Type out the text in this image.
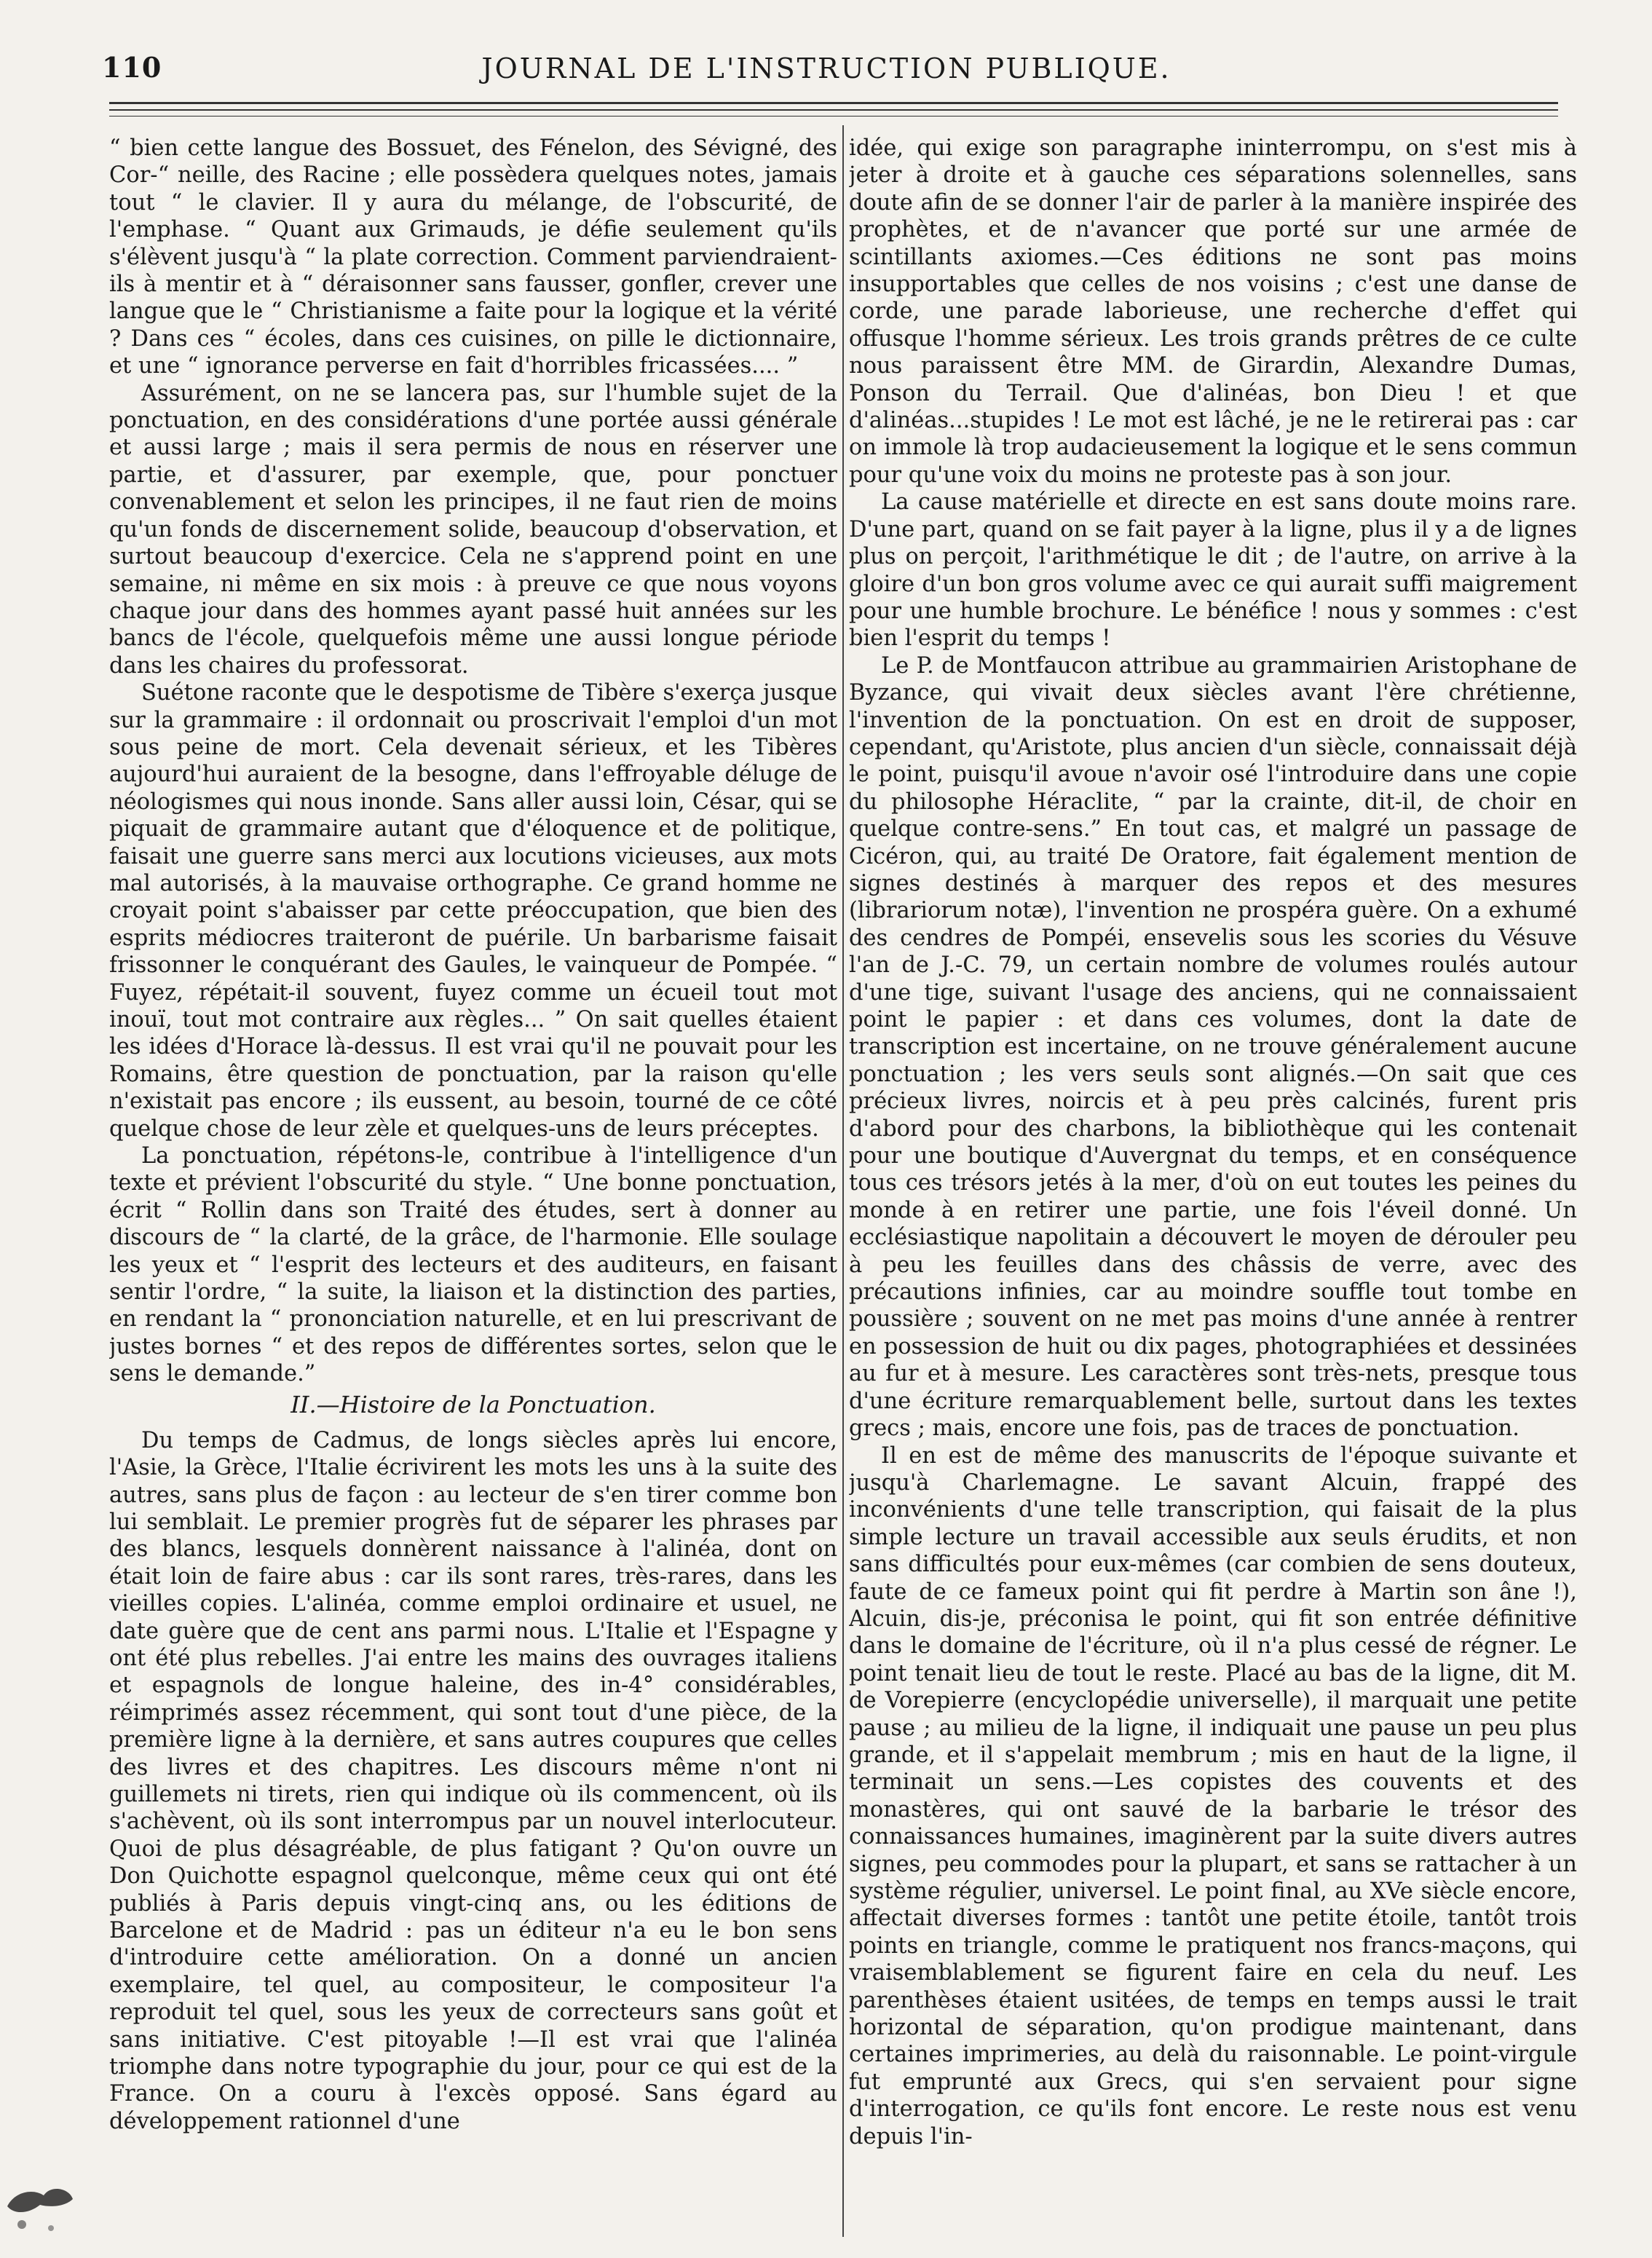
110	JOURNAL DE L'INSTRUCTION PUBLIQUE.

“ bien cette langue des Bossuet, des Fénelon, des Sévigné, des Cor-“ neille, des Racine ; elle possèdera quelques notes, jamais tout “ le clavier. Il y aura du mélange, de l'obscurité, de l'emphase. “ Quant aux Grimauds, je défie seulement qu'ils s'élèvent jusqu'à “ la plate correction. Comment parviendraient-ils à mentir et à “ déraisonner sans fausser, gonfler, crever une langue que le “ Christianisme a faite pour la logique et la vérité ? Dans ces “ écoles, dans ces cuisines, on pille le dictionnaire, et une “ ignorance perverse en fait d'horribles fricassées.... ”

Assurément, on ne se lancera pas, sur l'humble sujet de la ponctuation, en des considérations d'une portée aussi générale et aussi large ; mais il sera permis de nous en réserver une partie, et d'assurer, par exemple, que, pour ponctuer convenablement et selon les principes, il ne faut rien de moins qu'un fonds de discernement solide, beaucoup d'observation, et surtout beaucoup d'exercice. Cela ne s'apprend point en une semaine, ni même en six mois : à preuve ce que nous voyons chaque jour dans des hommes ayant passé huit années sur les bancs de l'école, quelquefois même une aussi longue période dans les chaires du professorat.

Suétone raconte que le despotisme de Tibère s'exerça jusque sur la grammaire : il ordonnait ou proscrivait l'emploi d'un mot sous peine de mort. Cela devenait sérieux, et les Tibères aujourd'hui auraient de la besogne, dans l'effroyable déluge de néologismes qui nous inonde. Sans aller aussi loin, César, qui se piquait de grammaire autant que d'éloquence et de politique, faisait une guerre sans merci aux locutions vicieuses, aux mots mal autorisés, à la mauvaise orthographe. Ce grand homme ne croyait point s'abaisser par cette préoccupation, que bien des esprits médiocres traiteront de puérile. Un barbarisme faisait frissonner le conquérant des Gaules, le vainqueur de Pompée. “ Fuyez, répétait-il souvent, fuyez comme un écueil tout mot inouï, tout mot contraire aux règles... ” On sait quelles étaient les idées d'Horace là-dessus. Il est vrai qu'il ne pouvait pour les Romains, être question de ponctuation, par la raison qu'elle n'existait pas encore ; ils eussent, au besoin, tourné de ce côté quelque chose de leur zèle et quelques-uns de leurs préceptes.

La ponctuation, répétons-le, contribue à l'intelligence d'un texte et prévient l'obscurité du style. “ Une bonne ponctuation, écrit “ Rollin dans son Traité des études, sert à donner au discours de “ la clarté, de la grâce, de l'harmonie. Elle soulage les yeux et “ l'esprit des lecteurs et des auditeurs, en faisant sentir l'ordre, “ la suite, la liaison et la distinction des parties, en rendant la “ prononciation naturelle, et en lui prescrivant de justes bornes “ et des repos de différentes sortes, selon que le sens le demande.”

II.—Histoire de la Ponctuation.

Du temps de Cadmus, de longs siècles après lui encore, l'Asie, la Grèce, l'Italie écrivirent les mots les uns à la suite des autres, sans plus de façon : au lecteur de s'en tirer comme bon lui semblait. Le premier progrès fut de séparer les phrases par des blancs, lesquels donnèrent naissance à l'alinéa, dont on était loin de faire abus : car ils sont rares, très-rares, dans les vieilles copies. L'alinéa, comme emploi ordinaire et usuel, ne date guère que de cent ans parmi nous. L'Italie et l'Espagne y ont été plus rebelles. J'ai entre les mains des ouvrages italiens et espagnols de longue haleine, des in-4° considérables, réimprimés assez récemment, qui sont tout d'une pièce, de la première ligne à la dernière, et sans autres coupures que celles des livres et des chapitres. Les discours même n'ont ni guillemets ni tirets, rien qui indique où ils commencent, où ils s'achèvent, où ils sont interrompus par un nouvel interlocuteur. Quoi de plus désagréable, de plus fatigant ? Qu'on ouvre un Don Quichotte espagnol quelconque, même ceux qui ont été publiés à Paris depuis vingt-cinq ans, ou les éditions de Barcelone et de Madrid : pas un éditeur n'a eu le bon sens d'introduire cette amélioration. On a donné un ancien exemplaire, tel quel, au compositeur, le compositeur l'a reproduit tel quel, sous les yeux de correcteurs sans goût et sans initiative. C'est pitoyable !—Il est vrai que l'alinéa triomphe dans notre typographie du jour, pour ce qui est de la France. On a couru à l'excès opposé. Sans égard au développement rationnel d'une

idée, qui exige son paragraphe ininterrompu, on s'est mis à jeter à droite et à gauche ces séparations solennelles, sans doute afin de se donner l'air de parler à la manière inspirée des prophètes, et de n'avancer que porté sur une armée de scintillants axiomes.—Ces éditions ne sont pas moins insupportables que celles de nos voisins ; c'est une danse de corde, une parade laborieuse, une recherche d'effet qui offusque l'homme sérieux. Les trois grands prêtres de ce culte nous paraissent être MM. de Girardin, Alexandre Dumas, Ponson du Terrail. Que d'alinéas, bon Dieu ! et que d'alinéas...stupides ! Le mot est lâché, je ne le retirerai pas : car on immole là trop audacieusement la logique et le sens commun pour qu'une voix du moins ne proteste pas à son jour.

La cause matérielle et directe en est sans doute moins rare. D'une part, quand on se fait payer à la ligne, plus il y a de lignes plus on perçoit, l'arithmétique le dit ; de l'autre, on arrive à la gloire d'un bon gros volume avec ce qui aurait suffi maigrement pour une humble brochure. Le bénéfice ! nous y sommes : c'est bien l'esprit du temps !

Le P. de Montfaucon attribue au grammairien Aristophane de Byzance, qui vivait deux siècles avant l'ère chrétienne, l'invention de la ponctuation. On est en droit de supposer, cependant, qu'Aristote, plus ancien d'un siècle, connaissait déjà le point, puisqu'il avoue n'avoir osé l'introduire dans une copie du philosophe Héraclite, “ par la crainte, dit-il, de choir en quelque contre-sens.” En tout cas, et malgré un passage de Cicéron, qui, au traité De Oratore, fait également mention de signes destinés à marquer des repos et des mesures (librariorum notæ), l'invention ne prospéra guère. On a exhumé des cendres de Pompéi, ensevelis sous les scories du Vésuve l'an de J.-C. 79, un certain nombre de volumes roulés autour d'une tige, suivant l'usage des anciens, qui ne connaissaient point le papier : et dans ces volumes, dont la date de transcription est incertaine, on ne trouve généralement aucune ponctuation ; les vers seuls sont alignés.—On sait que ces précieux livres, noircis et à peu près calcinés, furent pris d'abord pour des charbons, la bibliothèque qui les contenait pour une boutique d'Auvergnat du temps, et en conséquence tous ces trésors jetés à la mer, d'où on eut toutes les peines du monde à en retirer une partie, une fois l'éveil donné. Un ecclésiastique napolitain a découvert le moyen de dérouler peu à peu les feuilles dans des châssis de verre, avec des précautions infinies, car au moindre souffle tout tombe en poussière ; souvent on ne met pas moins d'une année à rentrer en possession de huit ou dix pages, photographiées et dessinées au fur et à mesure. Les caractères sont très-nets, presque tous d'une écriture remarquablement belle, surtout dans les textes grecs ; mais, encore une fois, pas de traces de ponctuation.

Il en est de même des manuscrits de l'époque suivante et jusqu'à Charlemagne. Le savant Alcuin, frappé des inconvénients d'une telle transcription, qui faisait de la plus simple lecture un travail accessible aux seuls érudits, et non sans difficultés pour eux-mêmes (car combien de sens douteux, faute de ce fameux point qui fit perdre à Martin son âne !), Alcuin, dis-je, préconisa le point, qui fit son entrée définitive dans le domaine de l'écriture, où il n'a plus cessé de régner. Le point tenait lieu de tout le reste. Placé au bas de la ligne, dit M. de Vorepierre (encyclopédie universelle), il marquait une petite pause ; au milieu de la ligne, il indiquait une pause un peu plus grande, et il s'appelait membrum ; mis en haut de la ligne, il terminait un sens.—Les copistes des couvents et des monastères, qui ont sauvé de la barbarie le trésor des connaissances humaines, imaginèrent par la suite divers autres signes, peu commodes pour la plupart, et sans se rattacher à un système régulier, universel. Le point final, au XVe siècle encore, affectait diverses formes : tantôt une petite étoile, tantôt trois points en triangle, comme le pratiquent nos francs-maçons, qui vraisemblablement se figurent faire en cela du neuf. Les parenthèses étaient usitées, de temps en temps aussi le trait horizontal de séparation, qu'on prodigue maintenant, dans certaines imprimeries, au delà du raisonnable. Le point-virgule fut emprunté aux Grecs, qui s'en servaient pour signe d'interrogation, ce qu'ils font encore. Le reste nous est venu depuis l'in-
